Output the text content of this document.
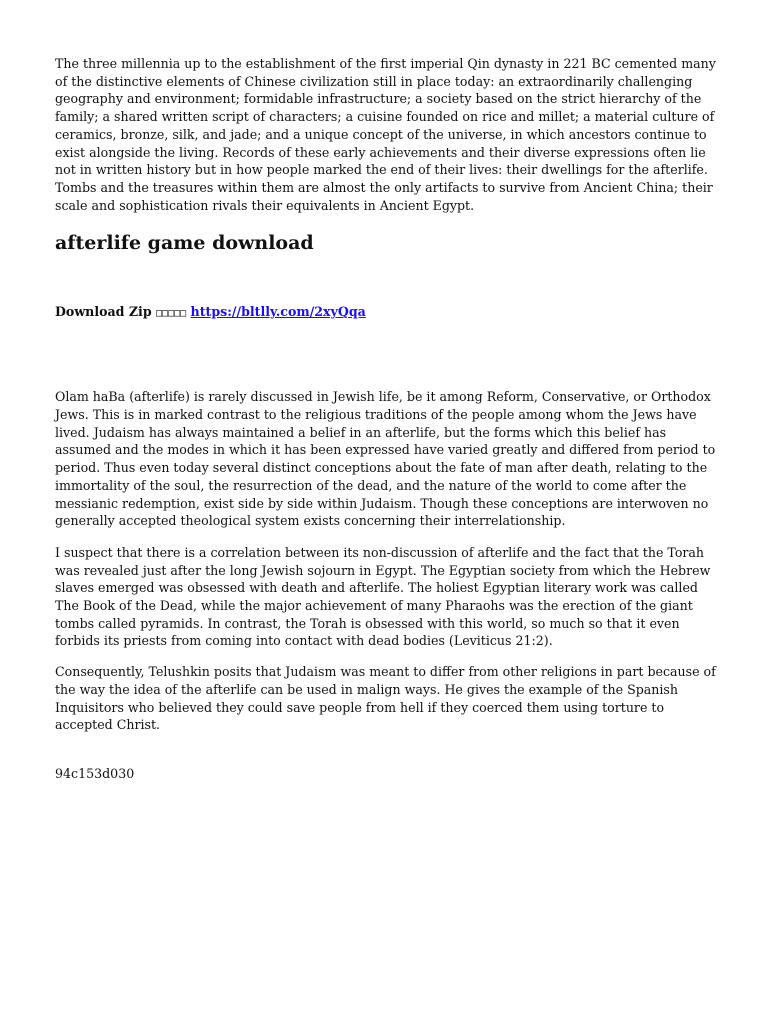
The three millennia up to the establishment of the first imperial Qin dynasty in 221 BC cemented many of the distinctive elements of Chinese civilization still in place today: an extraordinarily challenging geography and environment; formidable infrastructure; a society based on the strict hierarchy of the family; a shared written script of characters; a cuisine founded on rice and millet; a material culture of ceramics, bronze, silk, and jade; and a unique concept of the universe, in which ancestors continue to exist alongside the living. Records of these early achievements and their diverse expressions often lie not in written history but in how people marked the end of their lives: their dwellings for the afterlife. Tombs and the treasures within them are almost the only artifacts to survive from Ancient China; their scale and sophistication rivals their equivalents in Ancient Egypt.

afterlife game download

Download Zip □□□□□ https://bltlly.com/2xyQqa

Olam haBa (afterlife) is rarely discussed in Jewish life, be it among Reform, Conservative, or Orthodox Jews. This is in marked contrast to the religious traditions of the people among whom the Jews have lived. Judaism has always maintained a belief in an afterlife, but the forms which this belief has assumed and the modes in which it has been expressed have varied greatly and differed from period to period. Thus even today several distinct conceptions about the fate of man after death, relating to the immortality of the soul, the resurrection of the dead, and the nature of the world to come after the messianic redemption, exist side by side within Judaism. Though these conceptions are interwoven no generally accepted theological system exists concerning their interrelationship.

I suspect that there is a correlation between its non-discussion of afterlife and the fact that the Torah was revealed just after the long Jewish sojourn in Egypt. The Egyptian society from which the Hebrew slaves emerged was obsessed with death and afterlife. The holiest Egyptian literary work was called The Book of the Dead, while the major achievement of many Pharaohs was the erection of the giant tombs called pyramids. In contrast, the Torah is obsessed with this world, so much so that it even forbids its priests from coming into contact with dead bodies (Leviticus 21:2).

Consequently, Telushkin posits that Judaism was meant to differ from other religions in part because of the way the idea of the afterlife can be used in malign ways. He gives the example of the Spanish Inquisitors who believed they could save people from hell if they coerced them using torture to accepted Christ.

94c153d030
